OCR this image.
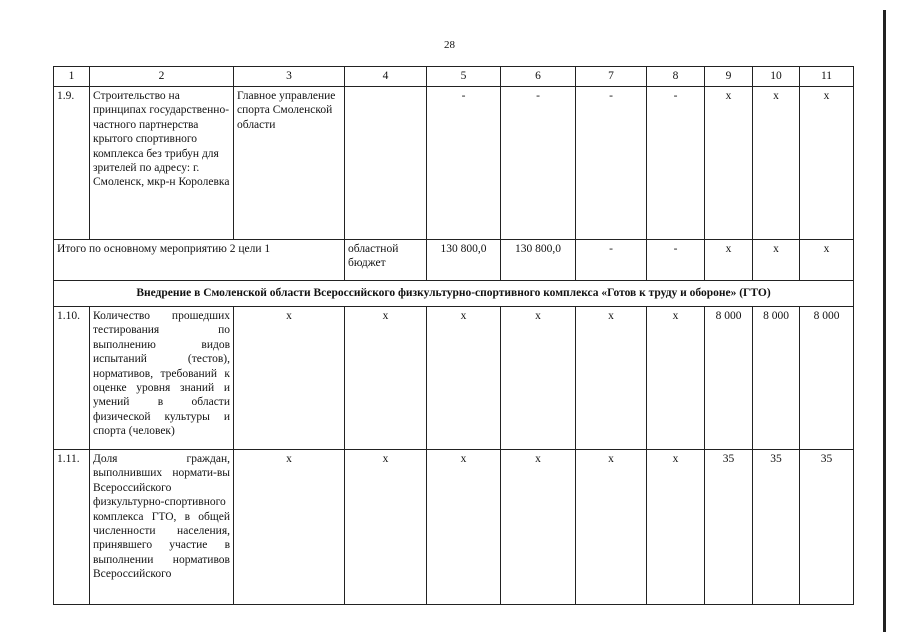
28
1	2	3	4	5	6	7	8	9	10	11
1.9.	Строительство на принципах государственно-частного партнерства крытого спортивного комплекса без трибун для зрителей по адресу: г. Смоленск, мкр-н Королевка	Главное управление спорта Смоленской области		-	-	-	-	x	x	x
Итого по основному мероприятию 2 цели 1			областной бюджет	130 800,0	130 800,0	-	-	x	x	x
Внедрение в Смоленской области Всероссийского физкультурно-спортивного комплекса «Готов к труду и обороне» (ГТО)										
1.10.	Количество прошедших тестирования по выполнению видов испытаний (тестов), нормативов, требований к оценке уровня знаний и умений в области физической культуры и спорта (человек)	x	x	x	x	x	x	8 000	8 000	8 000
1.11.	Доля граждан, выполнивших нормати-вы Всероссийского физкультурно-спортивного комплекса ГТО, в общей численности населения, принявшего участие в выполнении нормативов Всероссийского	x	x	x	x	x	x	35	35	35
